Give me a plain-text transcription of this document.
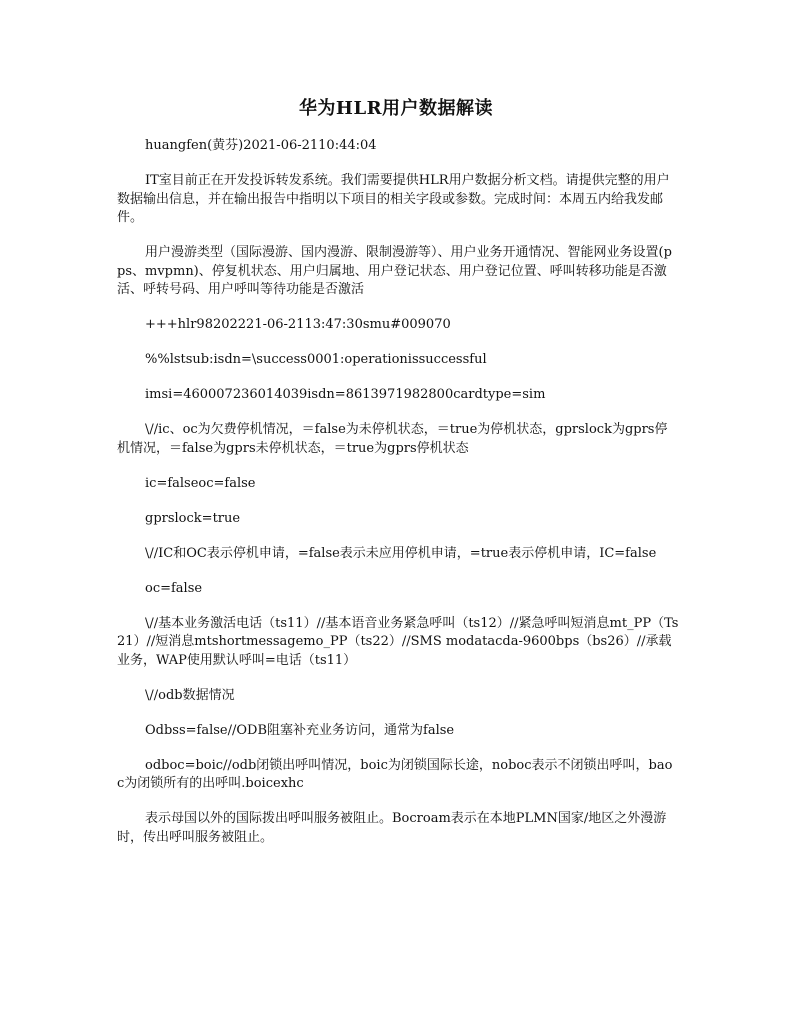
华为HLR用户数据解读

huangfen(黄芬)2021-06-2110:44:04

IT室目前正在开发投诉转发系统。我们需要提供HLR用户数据分析文档。请提供完整的用户数据输出信息，并在输出报告中指明以下项目的相关字段或参数。完成时间：本周五内给我发邮件。

用户漫游类型（国际漫游、国内漫游、限制漫游等）、用户业务开通情况、智能网业务设置(pps、mvpmn)、停复机状态、用户归属地、用户登记状态、用户登记位置、呼叫转移功能是否激活、呼转号码、用户呼叫等待功能是否激活

+++hlr98202221-06-2113:47:30smu#009070

%%lstsub:isdn=\success0001:operationissuccessful

imsi=460007236014039isdn=8613971982800cardtype=sim

\//ic、oc为欠费停机情况，＝false为未停机状态，＝true为停机状态，gprslock为gprs停机情况，＝false为gprs未停机状态，＝true为gprs停机状态

ic=falseoc=false

gprslock=true

\//IC和OC表示停机申请，=false表示未应用停机申请，=true表示停机申请，IC=false

oc=false

\//基本业务激活电话（ts11）//基本语音业务紧急呼叫（ts12）//紧急呼叫短消息mt_PP（Ts21）//短消息mtshortmessagemo_PP（ts22）//SMS modatacda-9600bps（bs26）//承载业务，WAP使用默认呼叫=电话（ts11）

\//odb数据情况

Odbss=false//ODB阻塞补充业务访问，通常为false

odboc=boic//odb闭锁出呼叫情况，boic为闭锁国际长途，noboc表示不闭锁出呼叫，baoc为闭锁所有的出呼叫.boicexhc

表示母国以外的国际拨出呼叫服务被阻止。Bocroam表示在本地PLMN国家/地区之外漫游时，传出呼叫服务被阻止。
